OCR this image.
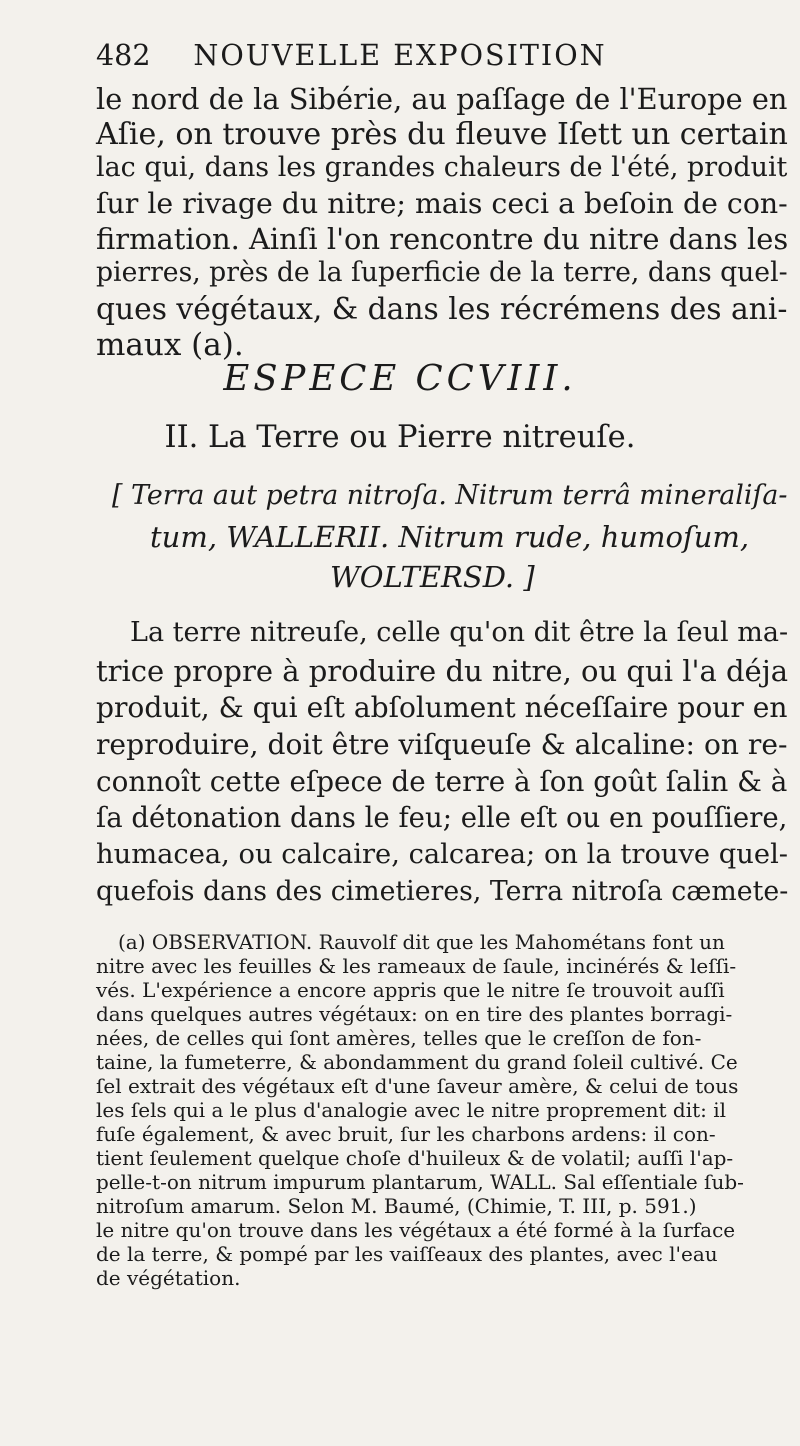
482 NOUVELLE EXPOSITION
le nord de la Sibérie, au paſſage de l'Europe en
Aſie, on trouve près du fleuve Iſett un certain
lac qui, dans les grandes chaleurs de l'été, produit
ſur le rivage du nitre; mais ceci a beſoin de con-
firmation. Ainſi l'on rencontre du nitre dans les
pierres, près de la ſuperficie de la terre, dans quel-
ques végétaux, & dans les récrémens des ani-
maux (a).
ESPECE CCVIII.
II. La Terre ou Pierre nitreuſe.
[ Terra aut petra nitroſa. Nitrum terrâ mineraliſa-
tum, WALLERII. Nitrum rude, humoſum,
WOLTERSD. ]
La terre nitreuſe, celle qu'on dit être la ſeul ma-
trice propre à produire du nitre, ou qui l'a déja
produit, & qui eſt abſolument néceſſaire pour en
reproduire, doit être viſqueuſe & alcaline: on re-
connoît cette eſpece de terre à ſon goût ſalin & à
ſa détonation dans le feu; elle eſt ou en pouſſiere,
humacea, ou calcaire, calcarea; on la trouve quel-
quefois dans des cimetieres, Terra nitroſa cæmete-
(a) OBSERVATION. Rauvolf dit que les Mahométans font un
nitre avec les feuilles & les rameaux de ſaule, incinérés & leſſi-
vés. L'expérience a encore appris que le nitre ſe trouvoit auſſi
dans quelques autres végétaux: on en tire des plantes borragi-
nées, de celles qui ſont amères, telles que le creſſon de fon-
taine, la fumeterre, & abondamment du grand ſoleil cultivé. Ce
ſel extrait des végétaux eſt d'une ſaveur amère, & celui de tous
les ſels qui a le plus d'analogie avec le nitre proprement dit: il
fuſe également, & avec bruit, ſur les charbons ardens: il con-
tient ſeulement quelque choſe d'huileux & de volatil; auſſi l'ap-
pelle-t-on nitrum impurum plantarum, WALL. Sal eſſentiale ſub-
nitroſum amarum. Selon M. Baumé, (Chimie, T. III, p. 591.)
le nitre qu'on trouve dans les végétaux a été formé à la ſurface
de la terre, & pompé par les vaiſſeaux des plantes, avec l'eau
de végétation.
